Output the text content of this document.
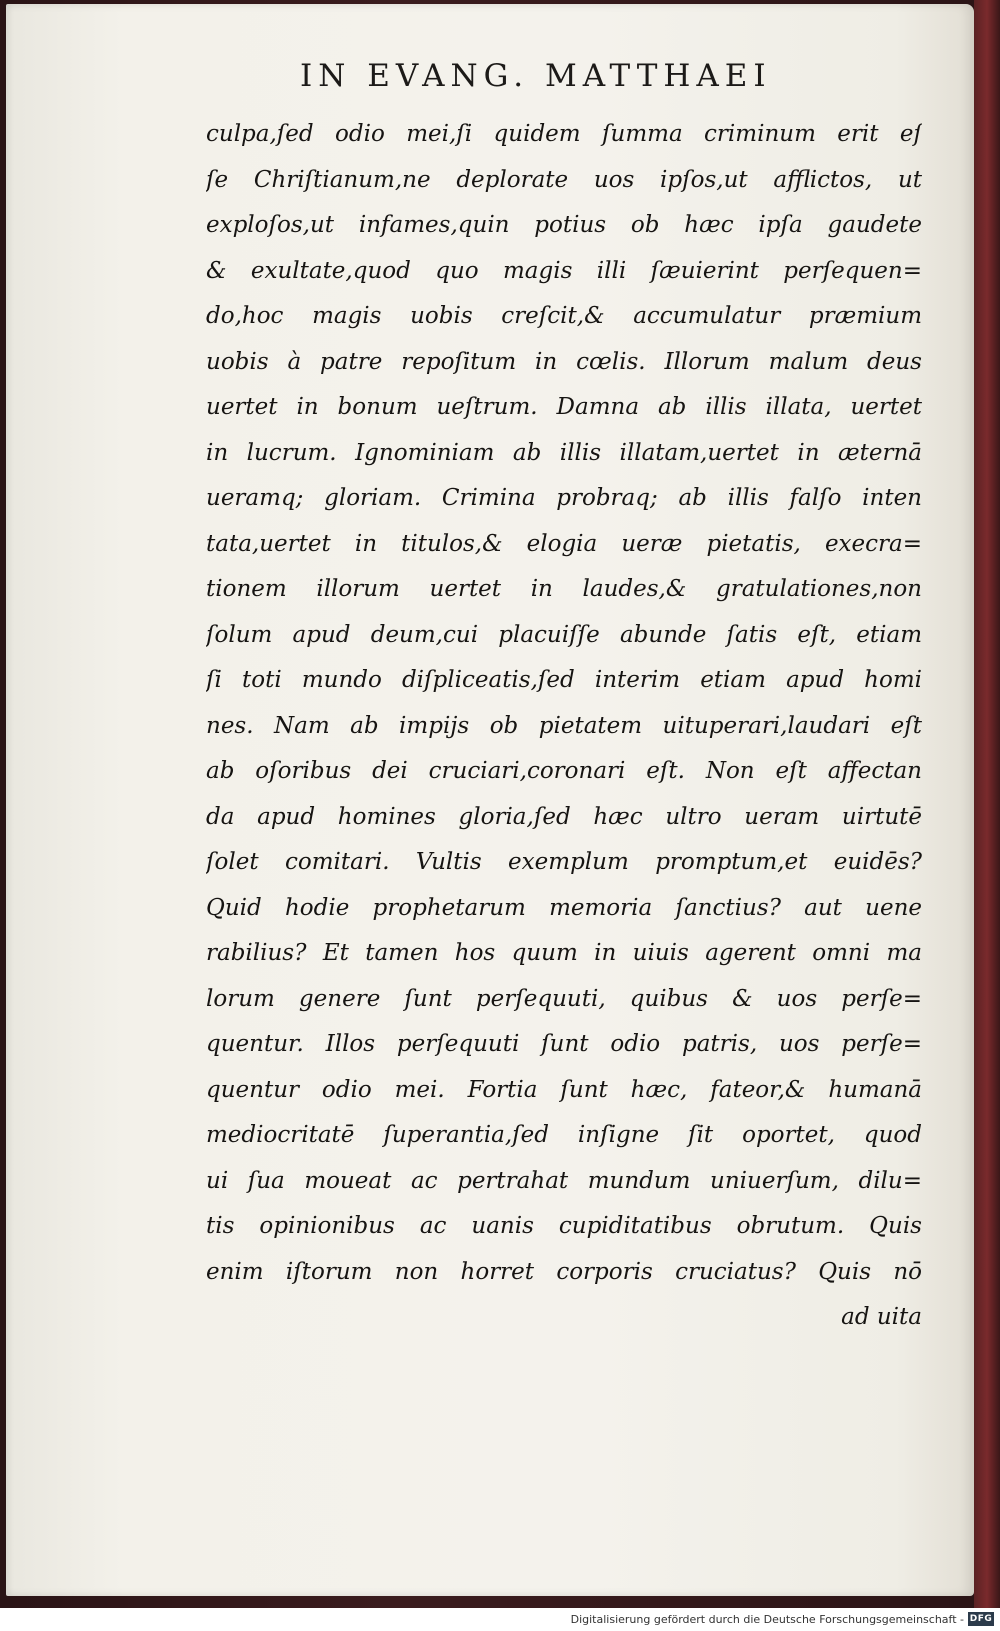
IN EVANG. MATTHAEI
culpa,ſed odio mei,ſi quidem ſumma criminum erit eſ
ſe Chriſtianum,ne deplorate uos ipſos,ut afflictos, ut
exploſos,ut infames,quin potius ob hæc ipſa gaudete
& exultate,quod quo magis illi ſæuierint perſequen=
do,hoc magis uobis creſcit,& accumulatur præmium
uobis à patre repoſitum in cœlis. Illorum malum deus
uertet in bonum ueſtrum. Damna ab illis illata, uertet
in lucrum. Ignominiam ab illis illatam,uertet in æternā
ueramq; gloriam. Crimina probraq; ab illis falſo inten
tata,uertet in titulos,& elogia ueræ pietatis, execra=
tionem illorum uertet in laudes,& gratulationes,non
ſolum apud deum,cui placuiſſe abunde ſatis eſt, etiam
ſi toti mundo diſpliceatis,ſed interim etiam apud homi
nes. Nam ab impijs ob pietatem uituperari,laudari eſt
ab oſoribus dei cruciari,coronari eſt. Non eſt affectan
da apud homines gloria,ſed hæc ultro ueram uirtutē
ſolet comitari. Vultis exemplum promptum,et euidēs?
Quid hodie prophetarum memoria ſanctius? aut uene
rabilius? Et tamen hos quum in uiuis agerent omni ma
lorum genere ſunt perſequuti, quibus & uos perſe=
quentur. Illos perſequuti ſunt odio patris, uos perſe=
quentur odio mei. Fortia ſunt hæc, fateor,& humanā
mediocritatē ſuperantia,ſed inſigne ſit oportet, quod
ui ſua moueat ac pertrahat mundum uniuerſum, dilu=
tis opinionibus ac uanis cupiditatibus obrutum. Quis
enim iſtorum non horret corporis cruciatus? Quis nō
ad uita
Digitalisierung gefördert durch die Deutsche Forschungsgemeinschaft - DFG
